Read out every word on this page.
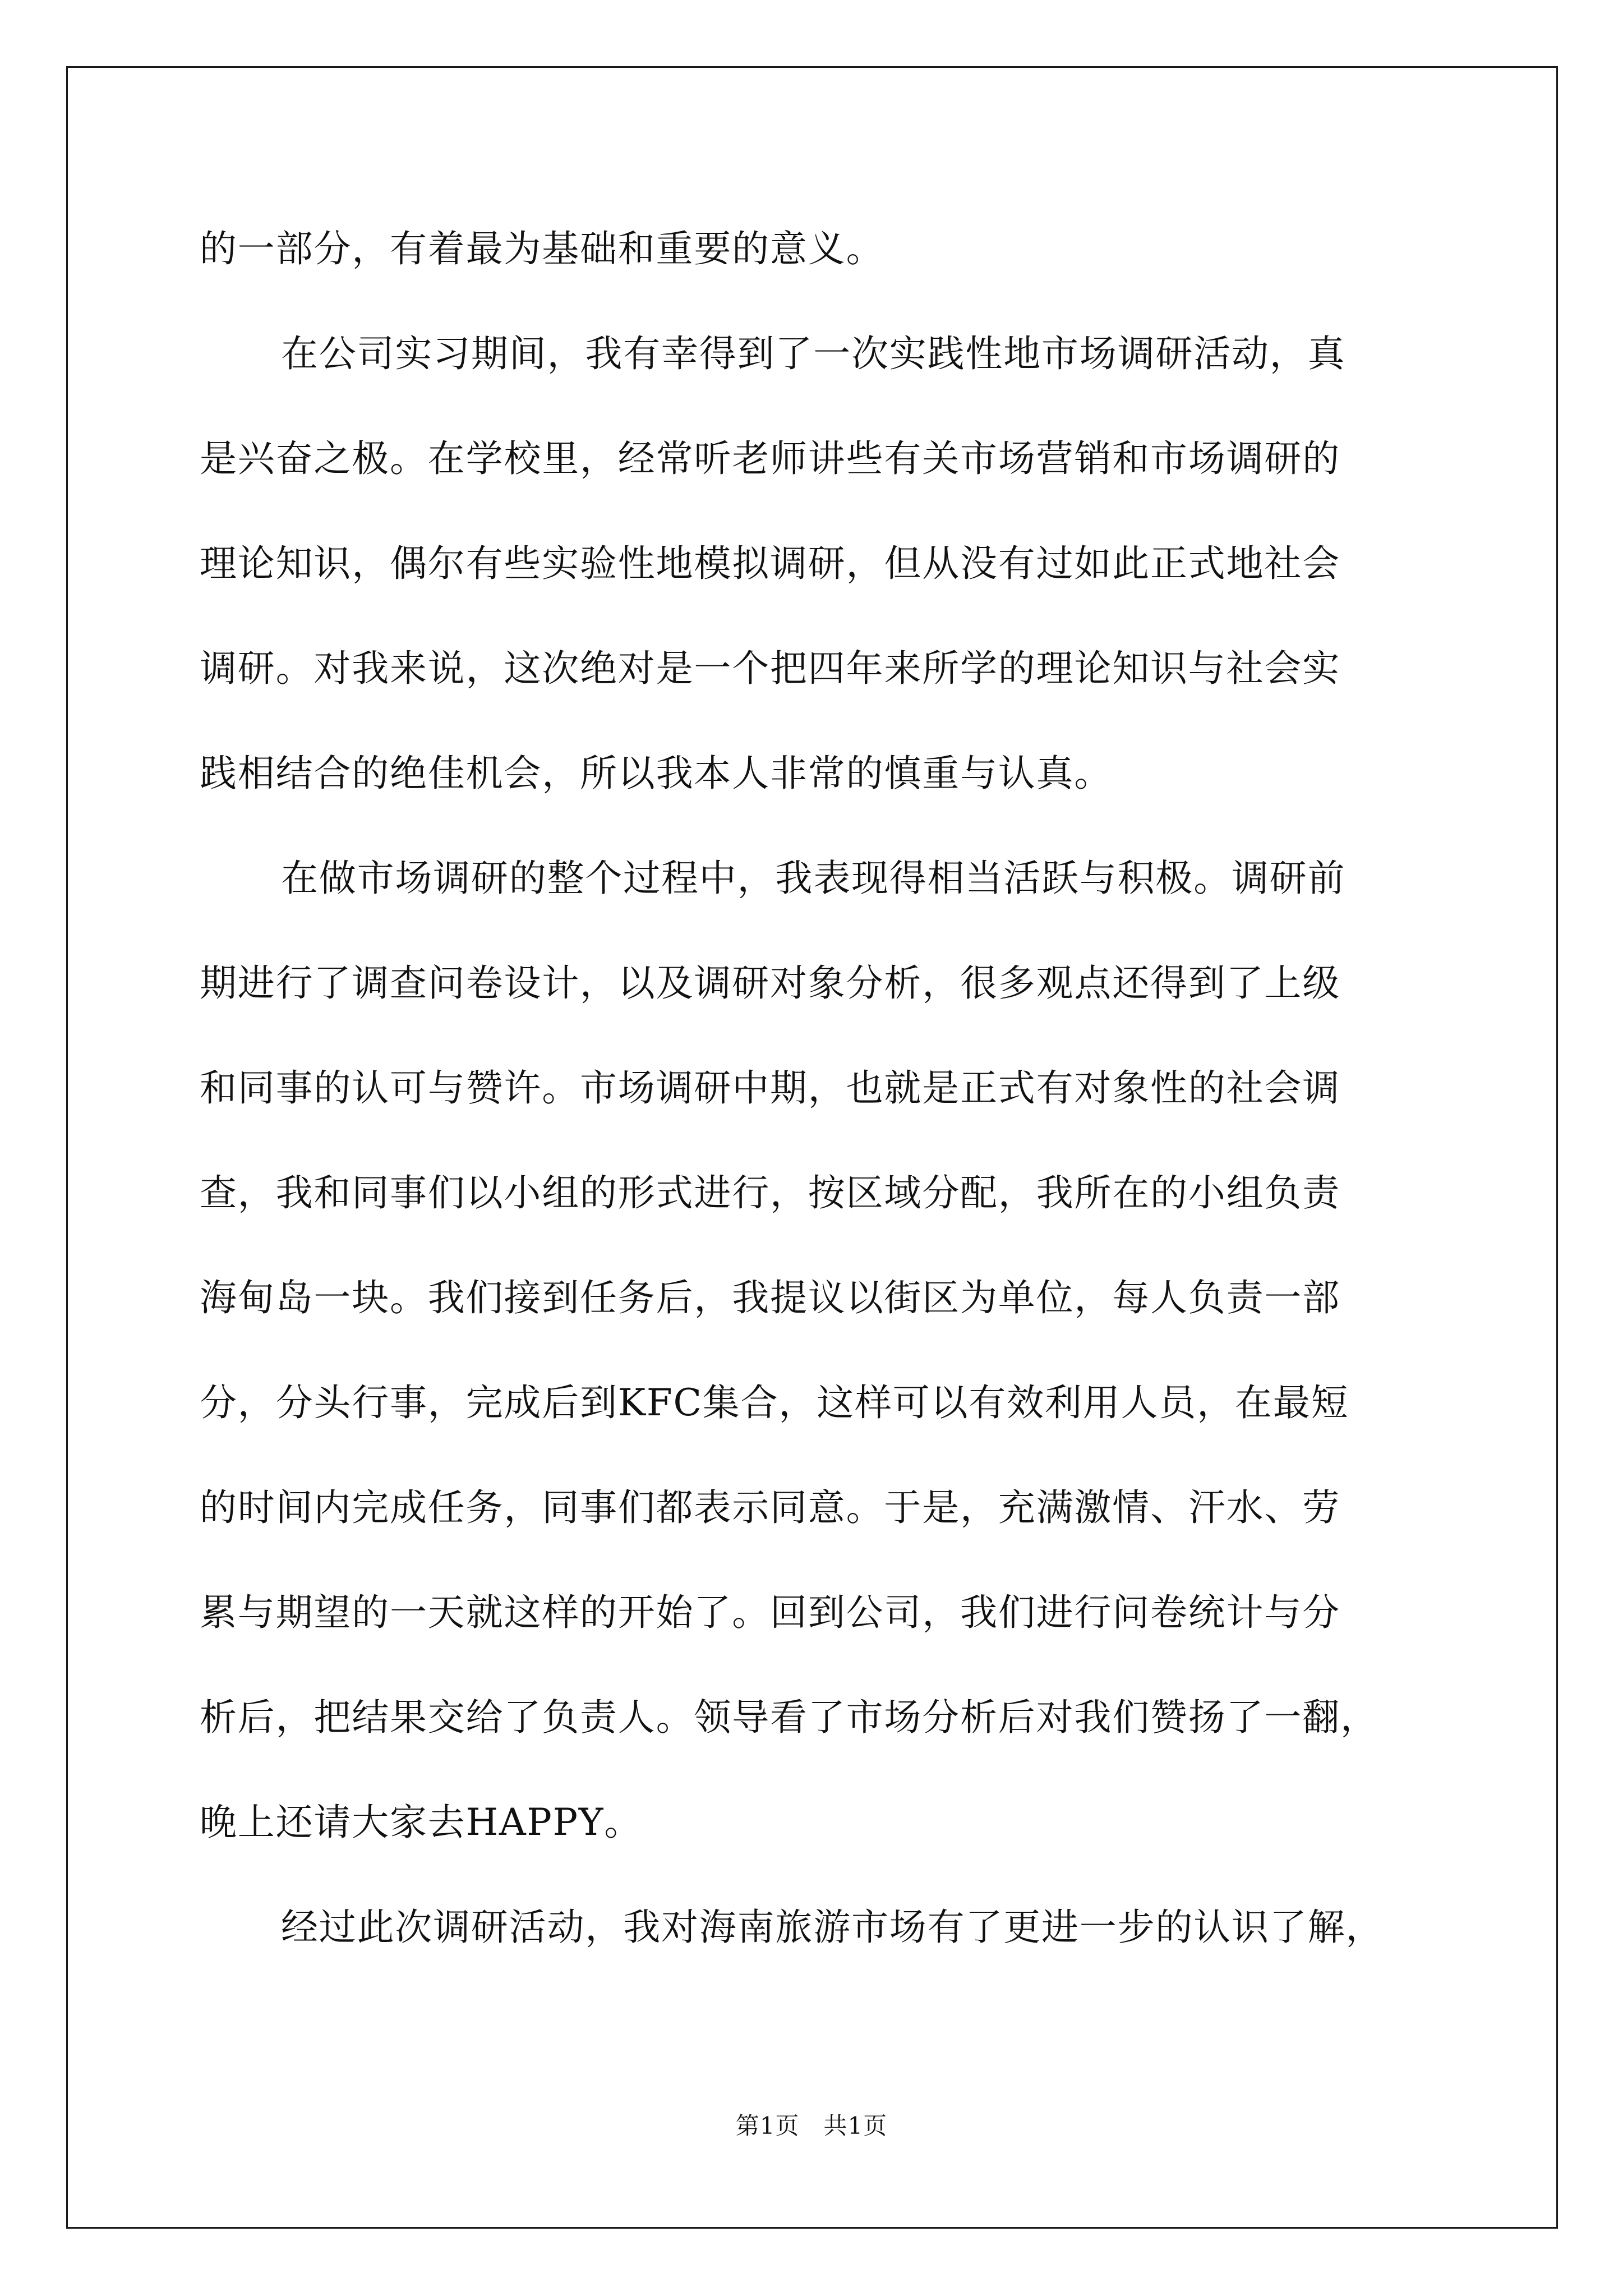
的一部分，有着最为基础和重要的意义。
在公司实习期间，我有幸得到了一次实践性地市场调研活动，真
是兴奋之极。在学校里，经常听老师讲些有关市场营销和市场调研的
理论知识，偶尔有些实验性地模拟调研，但从没有过如此正式地社会
调研。对我来说，这次绝对是一个把四年来所学的理论知识与社会实
践相结合的绝佳机会，所以我本人非常的慎重与认真。
在做市场调研的整个过程中，我表现得相当活跃与积极。调研前
期进行了调查问卷设计，以及调研对象分析，很多观点还得到了上级
和同事的认可与赞许。市场调研中期，也就是正式有对象性的社会调
查，我和同事们以小组的形式进行，按区域分配，我所在的小组负责
海甸岛一块。我们接到任务后，我提议以街区为单位，每人负责一部
分，分头行事，完成后到KFC集合，这样可以有效利用人员，在最短
的时间内完成任务，同事们都表示同意。于是，充满激情、汗水、劳
累与期望的一天就这样的开始了。回到公司，我们进行问卷统计与分
析后，把结果交给了负责人。领导看了市场分析后对我们赞扬了一翻，
晚上还请大家去HAPPY。
经过此次调研活动，我对海南旅游市场有了更进一步的认识了解，
第1页 共1页
